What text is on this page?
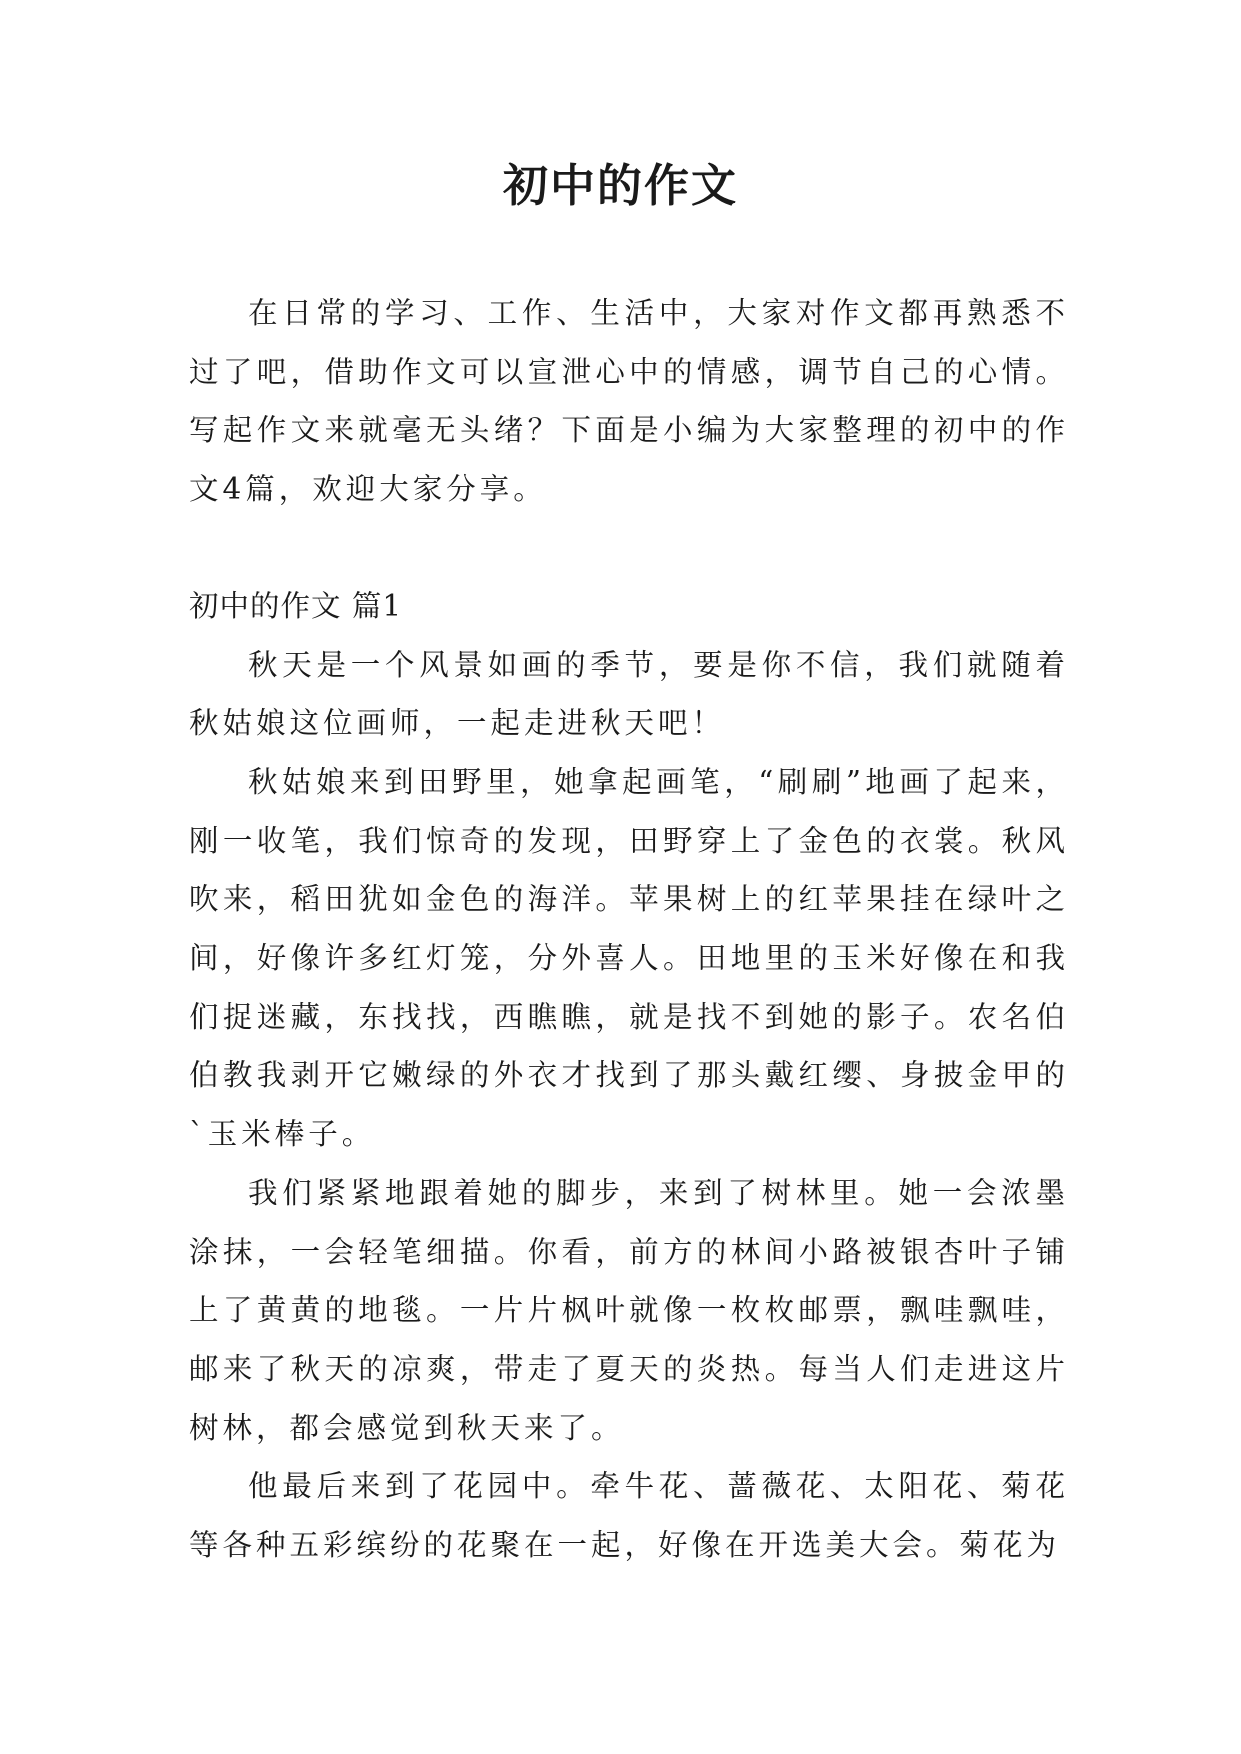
初中的作文

在日常的学习、工作、生活中，大家对作文都再熟悉不过了吧，借助作文可以宣泄心中的情感，调节自己的心情。写起作文来就毫无头绪？下面是小编为大家整理的初中的作文4篇，欢迎大家分享。

初中的作文 篇1

秋天是一个风景如画的季节，要是你不信，我们就随着秋姑娘这位画师，一起走进秋天吧！

秋姑娘来到田野里，她拿起画笔，“刷刷”地画了起来，刚一收笔，我们惊奇的发现，田野穿上了金色的衣裳。秋风吹来，稻田犹如金色的海洋。苹果树上的红苹果挂在绿叶之间，好像许多红灯笼，分外喜人。田地里的玉米好像在和我们捉迷藏，东找找，西瞧瞧，就是找不到她的影子。农名伯伯教我剥开它嫩绿的外衣才找到了那头戴红缨、身披金甲的`玉米棒子。

我们紧紧地跟着她的脚步，来到了树林里。她一会浓墨涂抹，一会轻笔细描。你看，前方的林间小路被银杏叶子铺上了黄黄的地毯。一片片枫叶就像一枚枚邮票，飘哇飘哇，邮来了秋天的凉爽，带走了夏天的炎热。每当人们走进这片树林，都会感觉到秋天来了。

他最后来到了花园中。牵牛花、蔷薇花、太阳花、菊花等各种五彩缤纷的花聚在一起，好像在开选美大会。菊花为
